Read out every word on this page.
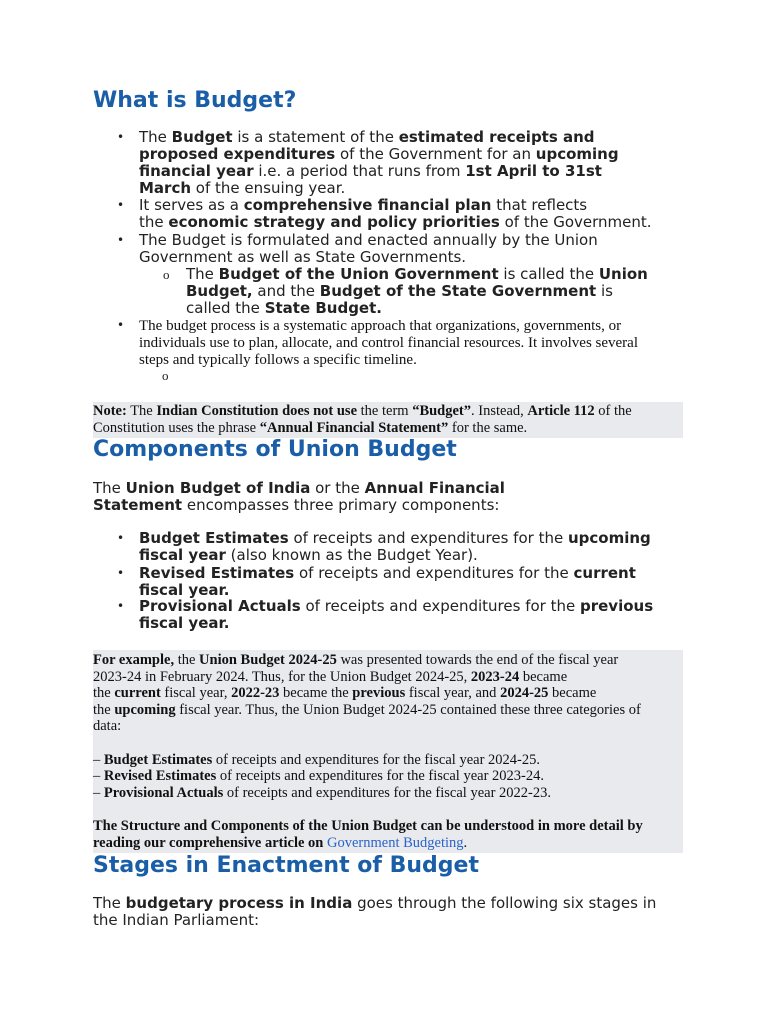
What is Budget?
• The Budget is a statement of the estimated receipts and
proposed expenditures of the Government for an upcoming
financial year i.e. a period that runs from 1st April to 31st
March of the ensuing year.
• It serves as a comprehensive financial plan that reflects
the economic strategy and policy priorities of the Government.
• The Budget is formulated and enacted annually by the Union
Government as well as State Governments.
o The Budget of the Union Government is called the Union
Budget, and the Budget of the State Government is
called the State Budget.
• The budget process is a systematic approach that organizations, governments, or
individuals use to plan, allocate, and control financial resources. It involves several
steps and typically follows a specific timeline.
o
Note: The Indian Constitution does not use the term “Budget”. Instead, Article 112 of the
Constitution uses the phrase “Annual Financial Statement” for the same.
Components of Union Budget
The Union Budget of India or the Annual Financial
Statement encompasses three primary components:
• Budget Estimates of receipts and expenditures for the upcoming
fiscal year (also known as the Budget Year).
• Revised Estimates of receipts and expenditures for the current
fiscal year.
• Provisional Actuals of receipts and expenditures for the previous
fiscal year.
For example, the Union Budget 2024-25 was presented towards the end of the fiscal year
2023-24 in February 2024. Thus, for the Union Budget 2024-25, 2023-24 became
the current fiscal year, 2022-23 became the previous fiscal year, and 2024-25 became
the upcoming fiscal year. Thus, the Union Budget 2024-25 contained these three categories of
data:
– Budget Estimates of receipts and expenditures for the fiscal year 2024-25.
– Revised Estimates of receipts and expenditures for the fiscal year 2023-24.
– Provisional Actuals of receipts and expenditures for the fiscal year 2022-23.
The Structure and Components of the Union Budget can be understood in more detail by
reading our comprehensive article on Government Budgeting.
Stages in Enactment of Budget
The budgetary process in India goes through the following six stages in
the Indian Parliament:
